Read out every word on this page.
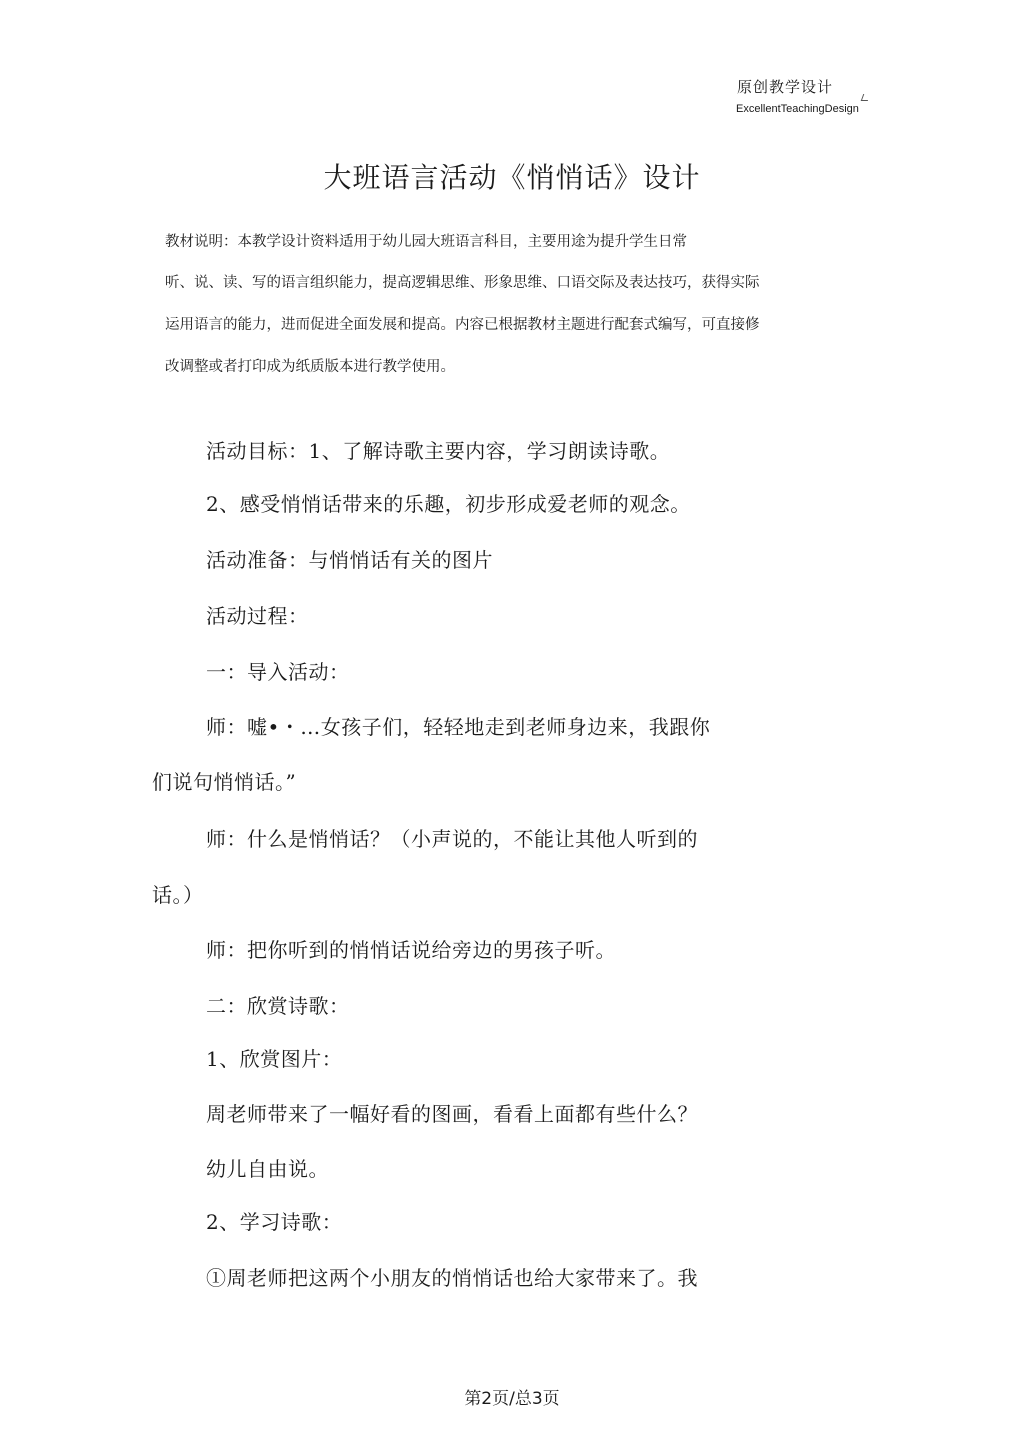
原创教学设计
ExcellentTeachingDesign
大班语言活动《悄悄话》设计
教材说明：本教学设计资料适用于幼儿园大班语言科目，主要用途为提升学生日常
听、说、读、写的语言组织能力，提高逻辑思维、形象思维、口语交际及表达技巧，获得实际
运用语言的能力，进而促进全面发展和提高。内容已根据教材主题进行配套式编写，可直接修
改调整或者打印成为纸质版本进行教学使用。
活动目标：1、了解诗歌主要内容，学习朗读诗歌。
2、感受悄悄话带来的乐趣，初步形成爱老师的观念。
活动准备：与悄悄话有关的图片
活动过程：
一：导入活动：
师：嘘•・…女孩子们，轻轻地走到老师身边来，我跟你
们说句悄悄话。”
师：什么是悄悄话？（小声说的，不能让其他人听到的
话。）
师：把你听到的悄悄话说给旁边的男孩子听。
二：欣赏诗歌：
1、欣赏图片：
周老师带来了一幅好看的图画，看看上面都有些什么？
幼儿自由说。
2、学习诗歌：
①周老师把这两个小朋友的悄悄话也给大家带来了。我
第2页/总3页
